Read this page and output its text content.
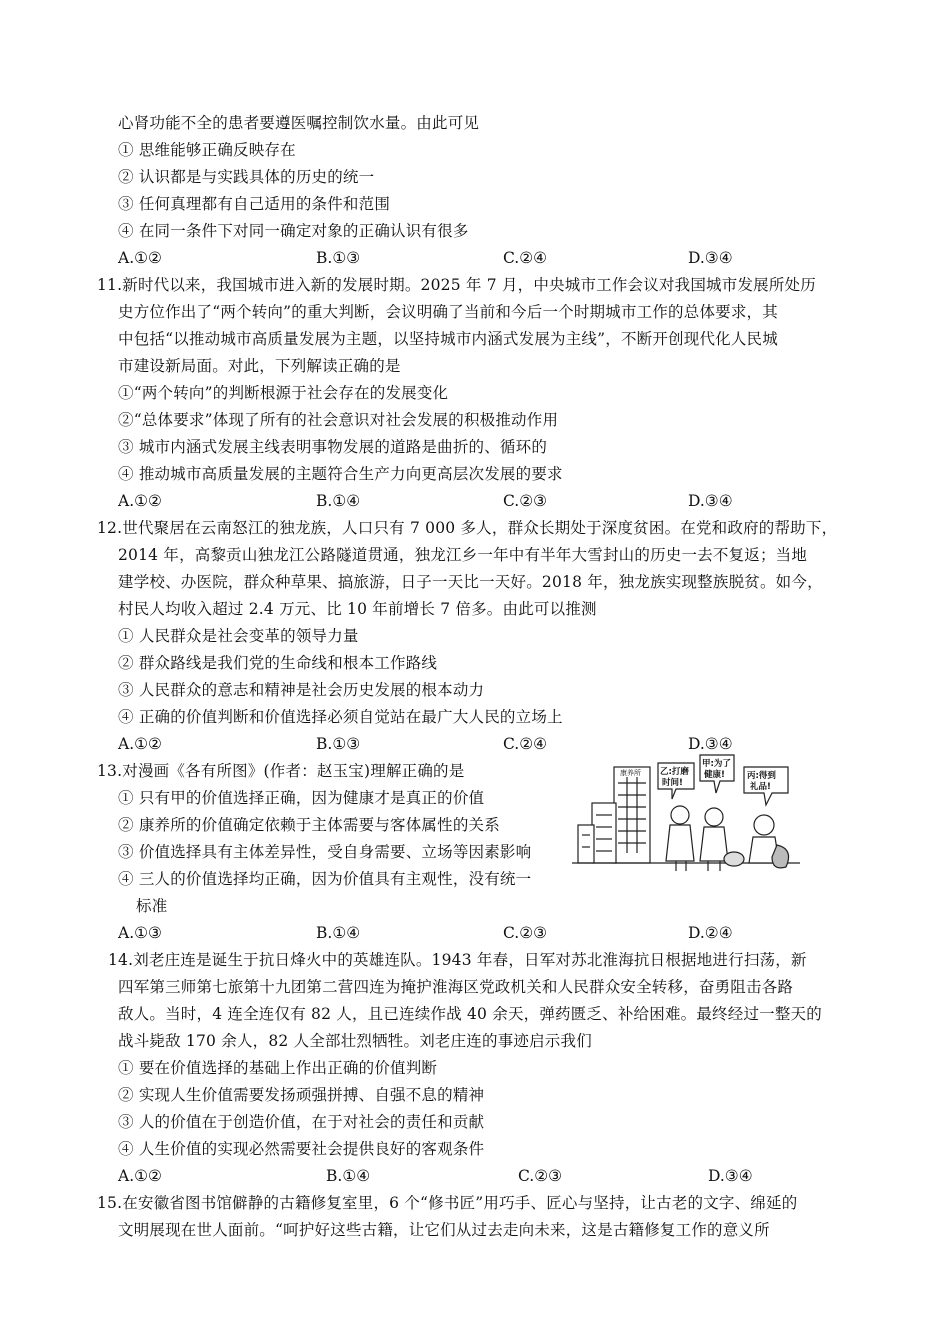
心肾功能不全的患者要遵医嘱控制饮水量。由此可见
① 思维能够正确反映存在
② 认识都是与实践具体的历史的统一
③ 任何真理都有自己适用的条件和范围
④ 在同一条件下对同一确定对象的正确认识有很多
A.①②	B.①③	C.②④	D.③④
11.新时代以来，我国城市进入新的发展时期。2025 年 7 月，中央城市工作会议对我国城市发展所处历
史方位作出了“两个转向”的重大判断，会议明确了当前和今后一个时期城市工作的总体要求，其
中包括“以推动城市高质量发展为主题，以坚持城市内涵式发展为主线”，不断开创现代化人民城
市建设新局面。对此，下列解读正确的是
①“两个转向”的判断根源于社会存在的发展变化
②“总体要求”体现了所有的社会意识对社会发展的积极推动作用
③ 城市内涵式发展主线表明事物发展的道路是曲折的、循环的
④ 推动城市高质量发展的主题符合生产力向更高层次发展的要求
A.①②	B.①④	C.②③	D.③④
12.世代聚居在云南怒江的独龙族，人口只有 7 000 多人，群众长期处于深度贫困。在党和政府的帮助下，
2014 年，高黎贡山独龙江公路隧道贯通，独龙江乡一年中有半年大雪封山的历史一去不复返；当地
建学校、办医院，群众种草果、搞旅游，日子一天比一天好。2018 年，独龙族实现整族脱贫。如今，
村民人均收入超过 2.4 万元、比 10 年前增长 7 倍多。由此可以推测
① 人民群众是社会变革的领导力量
② 群众路线是我们党的生命线和根本工作路线
③ 人民群众的意志和精神是社会历史发展的根本动力
④ 正确的价值判断和价值选择必须自觉站在最广大人民的立场上
A.①②	B.①③	C.②④	D.③④
13.对漫画《各有所图》(作者：赵玉宝)理解正确的是
① 只有甲的价值选择正确，因为健康才是真正的价值
② 康养所的价值确定依赖于主体需要与客体属性的关系
③ 价值选择具有主体差异性，受自身需要、立场等因素影响
④ 三人的价值选择均正确，因为价值具有主观性，没有统一
标准
A.①③	B.①④	C.②③	D.②④
康养所 乙:打磨
时间!
甲:为了
健康!	丙:得到
礼品!
14.刘老庄连是诞生于抗日烽火中的英雄连队。1943 年春，日军对苏北淮海抗日根据地进行扫荡，新
四军第三师第七旅第十九团第二营四连为掩护淮海区党政机关和人民群众安全转移，奋勇阻击各路
敌人。当时，4 连全连仅有 82 人，且已连续作战 40 余天，弹药匮乏、补给困难。最终经过一整天的
战斗毙敌 170 余人，82 人全部壮烈牺牲。刘老庄连的事迹启示我们
① 要在价值选择的基础上作出正确的价值判断
② 实现人生价值需要发扬顽强拼搏、自强不息的精神
③ 人的价值在于创造价值，在于对社会的责任和贡献
④ 人生价值的实现必然需要社会提供良好的客观条件
A.①②	B.①④	C.②③	D.③④
15.在安徽省图书馆僻静的古籍修复室里，6 个“修书匠”用巧手、匠心与坚持，让古老的文字、绵延的
文明展现在世人面前。“呵护好这些古籍，让它们从过去走向未来，这是古籍修复工作的意义所
